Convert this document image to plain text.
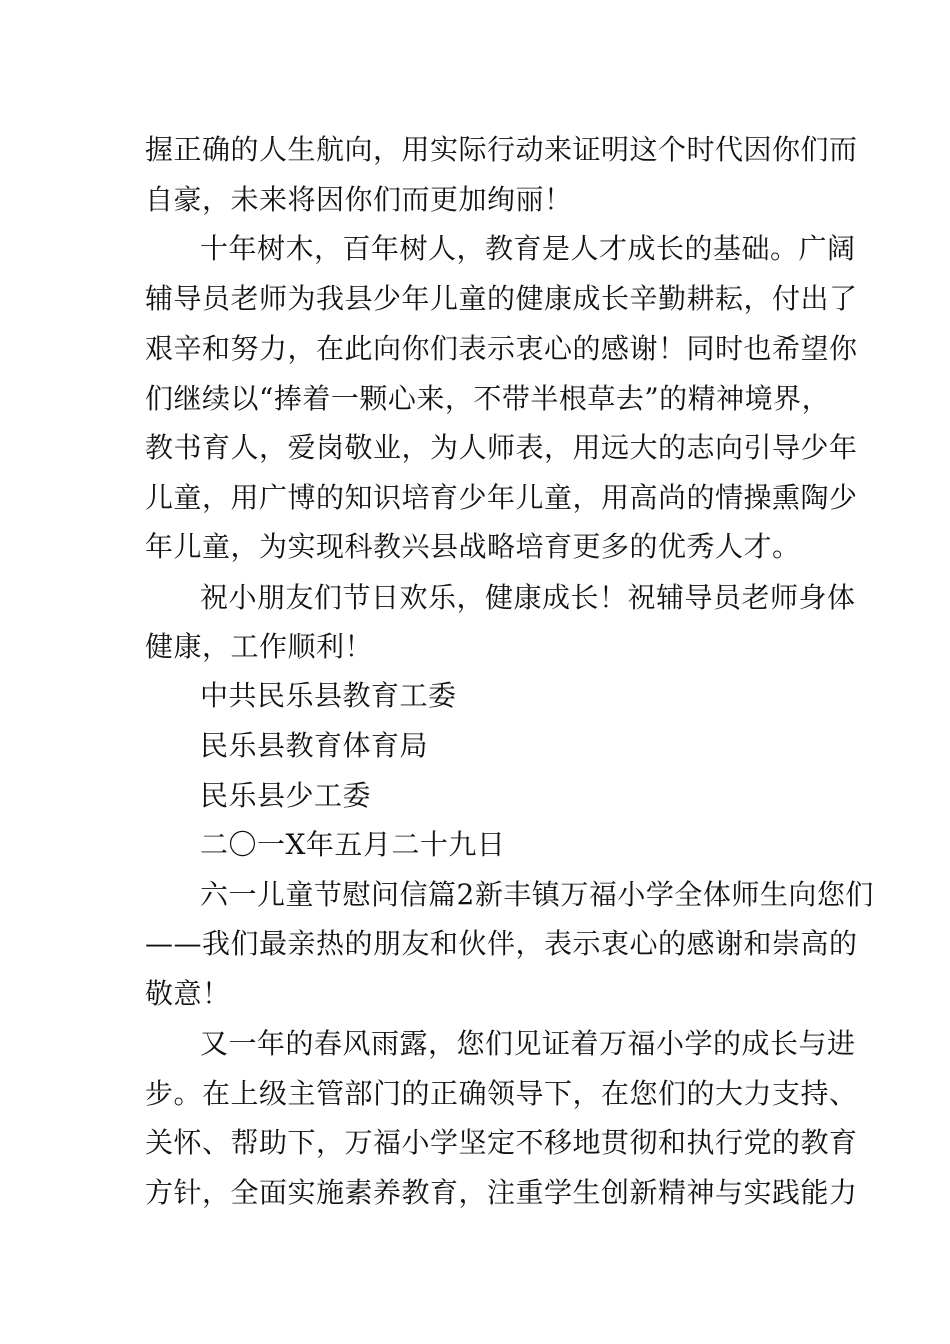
握正确的人生航向，用实际行动来证明这个时代因你们而
自豪，未来将因你们而更加绚丽！
十年树木，百年树人，教育是人才成长的基础。广阔
辅导员老师为我县少年儿童的健康成长辛勤耕耘，付出了
艰辛和努力，在此向你们表示衷心的感谢！同时也希望你
们继续以“捧着一颗心来，不带半根草去”的精神境界，
教书育人，爱岗敬业，为人师表，用远大的志向引导少年
儿童，用广博的知识培育少年儿童，用高尚的情操熏陶少
年儿童，为实现科教兴县战略培育更多的优秀人才。
祝小朋友们节日欢乐，健康成长！祝辅导员老师身体
健康，工作顺利！
中共民乐县教育工委
民乐县教育体育局
民乐县少工委
二〇一X年五月二十九日
六一儿童节慰问信篇2新丰镇万福小学全体师生向您们
——我们最亲热的朋友和伙伴，表示衷心的感谢和崇高的
敬意！
又一年的春风雨露，您们见证着万福小学的成长与进
步。在上级主管部门的正确领导下，在您们的大力支持、
关怀、帮助下，万福小学坚定不移地贯彻和执行党的教育
方针，全面实施素养教育，注重学生创新精神与实践能力
